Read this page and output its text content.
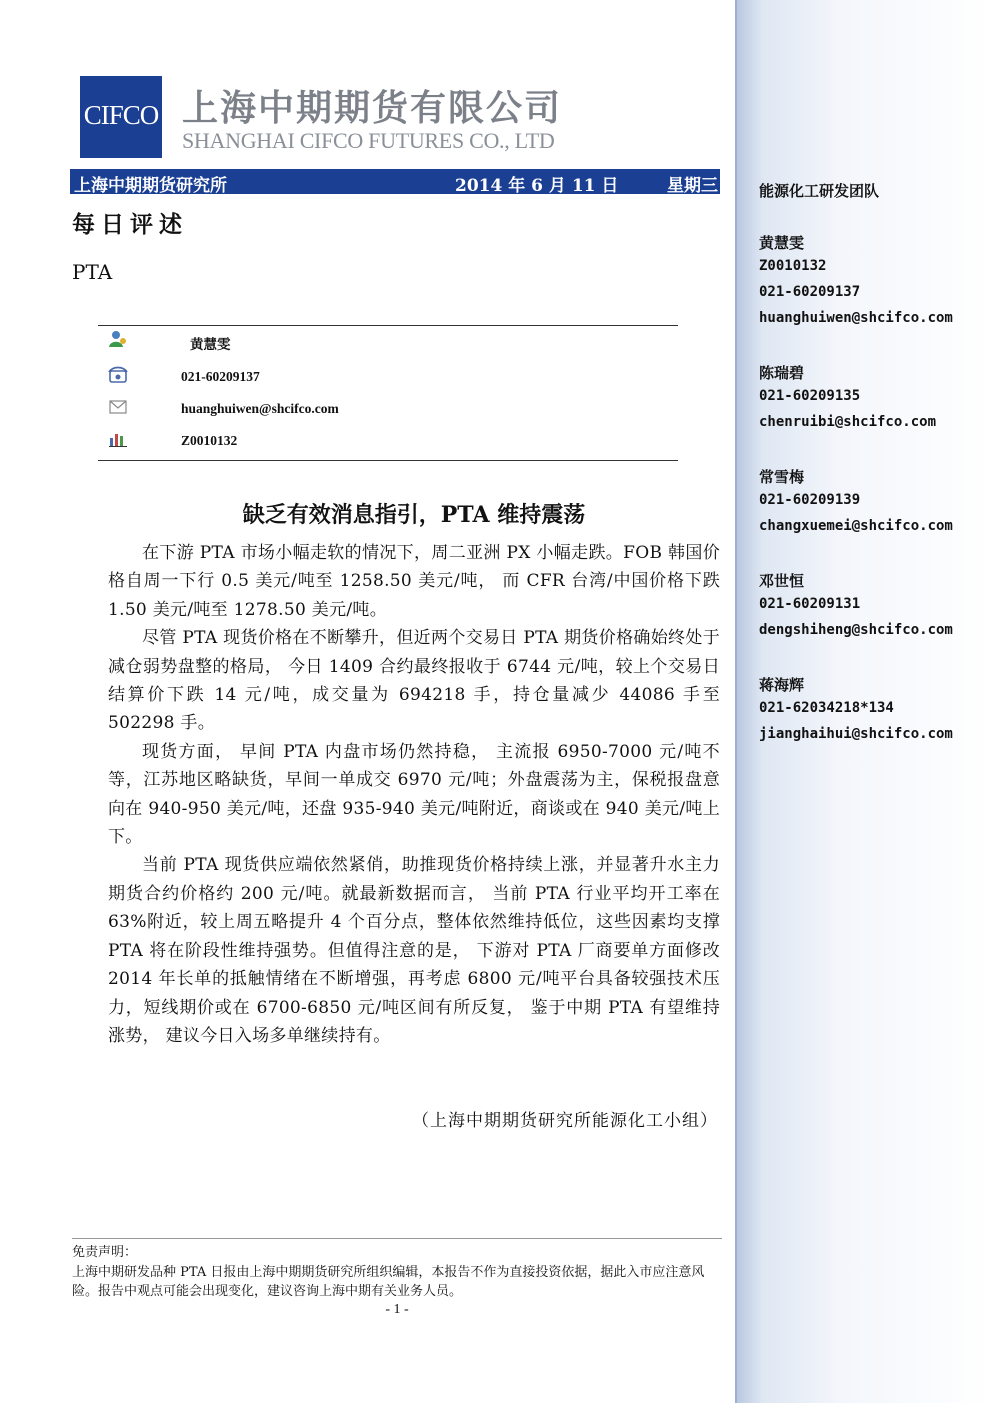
CIFCO 上海中期期货有限公司
SHANGHAI CIFCO FUTURES CO., LTD
上海中期期货研究所	2014 年 6 月 11 日	星期三
每日评述
PTA
黄慧雯
021-60209137
huanghuiwen@shcifco.com
Z0010132
缺乏有效消息指引，PTA 维持震荡

在下游 PTA 市场小幅走软的情况下，周二亚洲 PX 小幅走跌。FOB 韩国价格自周一下行 0.5 美元/吨至 1258.50 美元/吨， 而 CFR 台湾/中国价格下跌 1.50 美元/吨至 1278.50 美元/吨。

尽管 PTA 现货价格在不断攀升，但近两个交易日 PTA 期货价格确始终处于减仓弱势盘整的格局， 今日 1409 合约最终报收于 6744 元/吨，较上个交易日结算价下跌 14 元/吨，成交量为 694218 手，持仓量减少 44086 手至 502298 手。

现货方面， 早间 PTA 内盘市场仍然持稳， 主流报 6950-7000 元/吨不等，江苏地区略缺货，早间一单成交 6970 元/吨；外盘震荡为主，保税报盘意向在 940-950 美元/吨，还盘 935-940 美元/吨附近，商谈或在 940 美元/吨上下。

当前 PTA 现货供应端依然紧俏，助推现货价格持续上涨，并显著升水主力期货合约价格约 200 元/吨。就最新数据而言， 当前 PTA 行业平均开工率在 63%附近，较上周五略提升 4 个百分点，整体依然维持低位，这些因素均支撑 PTA 将在阶段性维持强势。但值得注意的是， 下游对 PTA 厂商要单方面修改 2014 年长单的抵触情绪在不断增强，再考虑 6800 元/吨平台具备较强技术压力，短线期价或在 6700-6850 元/吨区间有所反复， 鉴于中期 PTA 有望维持涨势， 建议今日入场多单继续持有。

（上海中期期货研究所能源化工小组）
免责声明：
上海中期研发品种 PTA 日报由上海中期期货研究所组织编辑，本报告不作为直接投资依据，据此入市应注意风险。报告中观点可能会出现变化，建议咨询上海中期有关业务人员。
- 1 -
能源化工研发团队
黄慧雯
Z0010132
021-60209137
huanghuiwen@shcifco.com
陈瑞碧
021-60209135
chenruibi@shcifco.com
常雪梅
021-60209139
changxuemei@shcifco.com
邓世恒
021-60209131
dengshiheng@shcifco.com
蒋海辉
021-62034218*134
jianghaihui@shcifco.com
